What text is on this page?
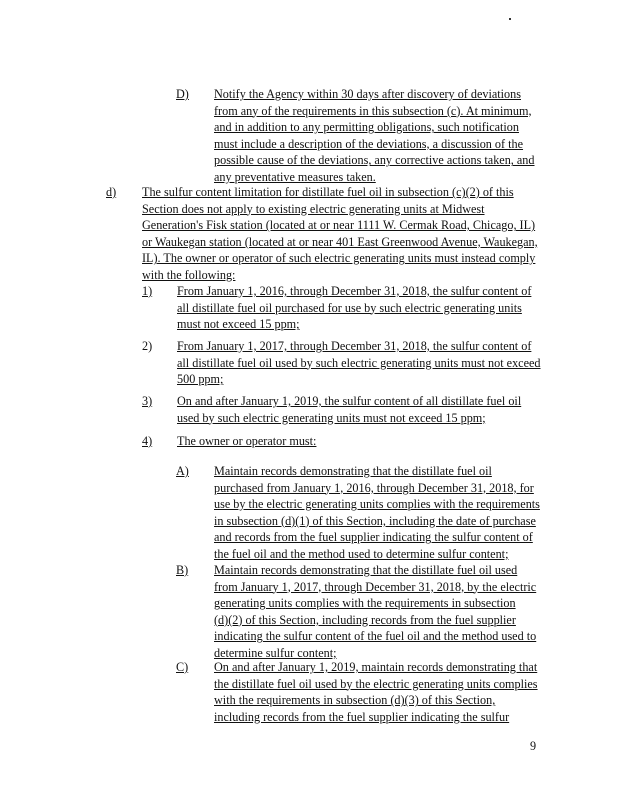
D) Notify the Agency within 30 days after discovery of deviations
from any of the requirements in this subsection (c). At minimum,
and in addition to any permitting obligations, such notification
must include a description of the deviations, a discussion of the
possible cause of the deviations, any corrective actions taken, and
any preventative measures taken.
d) The sulfur content limitation for distillate fuel oil in subsection (c)(2) of this
Section does not apply to existing electric generating units at Midwest
Generation's Fisk station (located at or near 1111 W. Cermak Road, Chicago, IL)
or Waukegan station (located at or near 401 East Greenwood Avenue, Waukegan,
IL). The owner or operator of such electric generating units must instead comply
with the following:
1) From January 1, 2016, through December 31, 2018, the sulfur content of
all distillate fuel oil purchased for use by such electric generating units
must not exceed 15 ppm;
2) From January 1, 2017, through December 31, 2018, the sulfur content of
all distillate fuel oil used by such electric generating units must not exceed
500 ppm;
3) On and after January 1, 2019, the sulfur content of all distillate fuel oil
used by such electric generating units must not exceed 15 ppm;
4) The owner or operator must:
A) Maintain records demonstrating that the distillate fuel oil
purchased from January 1, 2016, through December 31, 2018, for
use by the electric generating units complies with the requirements
in subsection (d)(1) of this Section, including the date of purchase
and records from the fuel supplier indicating the sulfur content of
the fuel oil and the method used to determine sulfur content;
B) Maintain records demonstrating that the distillate fuel oil used
from January 1, 2017, through December 31, 2018, by the electric
generating units complies with the requirements in subsection
(d)(2) of this Section, including records from the fuel supplier
indicating the sulfur content of the fuel oil and the method used to
determine sulfur content;
C) On and after January 1, 2019, maintain records demonstrating that
the distillate fuel oil used by the electric generating units complies
with the requirements in subsection (d)(3) of this Section,
including records from the fuel supplier indicating the sulfur
9
